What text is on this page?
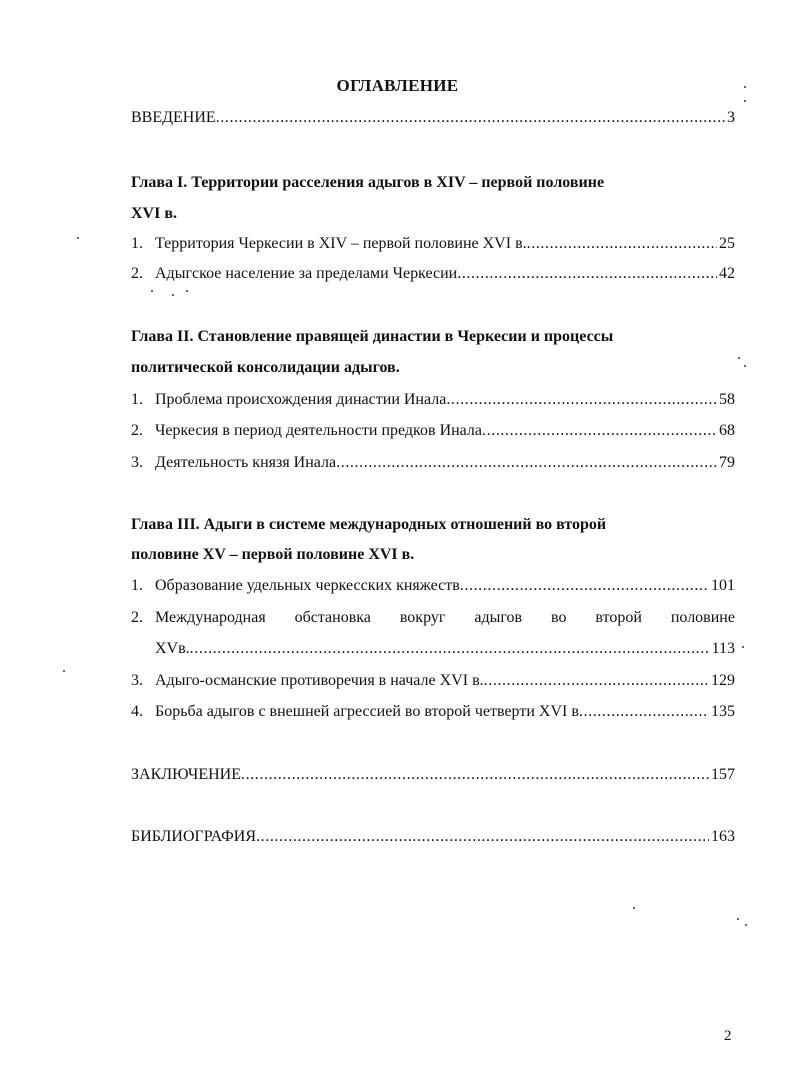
ОГЛАВЛЕНИЕ
ВВЕДЕНИЕ .....	3
Глава I. Территории расселения адыгов в XIV – первой половине
XVI в.
1. Территория Черкесии в XIV – первой половине XVI в. .....	25
2. Адыгское население за пределами Черкесии .....	42
Глава II. Становление правящей династии в Черкесии и процессы
политической консолидации адыгов.
1. Проблема происхождения династии Инала .....	58
2. Черкесия в период деятельности предков Инала .....	68
3. Деятельность князя Инала .....	79
Глава III. Адыги в системе международных отношений во второй
половине XV – первой половине XVI в.
1. Образование удельных черкесских княжеств .....	101
2. Международная обстановка вокруг адыгов во второй половине
XVв. .....	113
3. Адыго-османские противоречия в начале XVI в. .....	129
4. Борьба адыгов с внешней агрессией во второй четверти XVI в .....	135
ЗАКЛЮЧЕНИЕ .....	157
БИБЛИОГРАФИЯ .....	163
2
